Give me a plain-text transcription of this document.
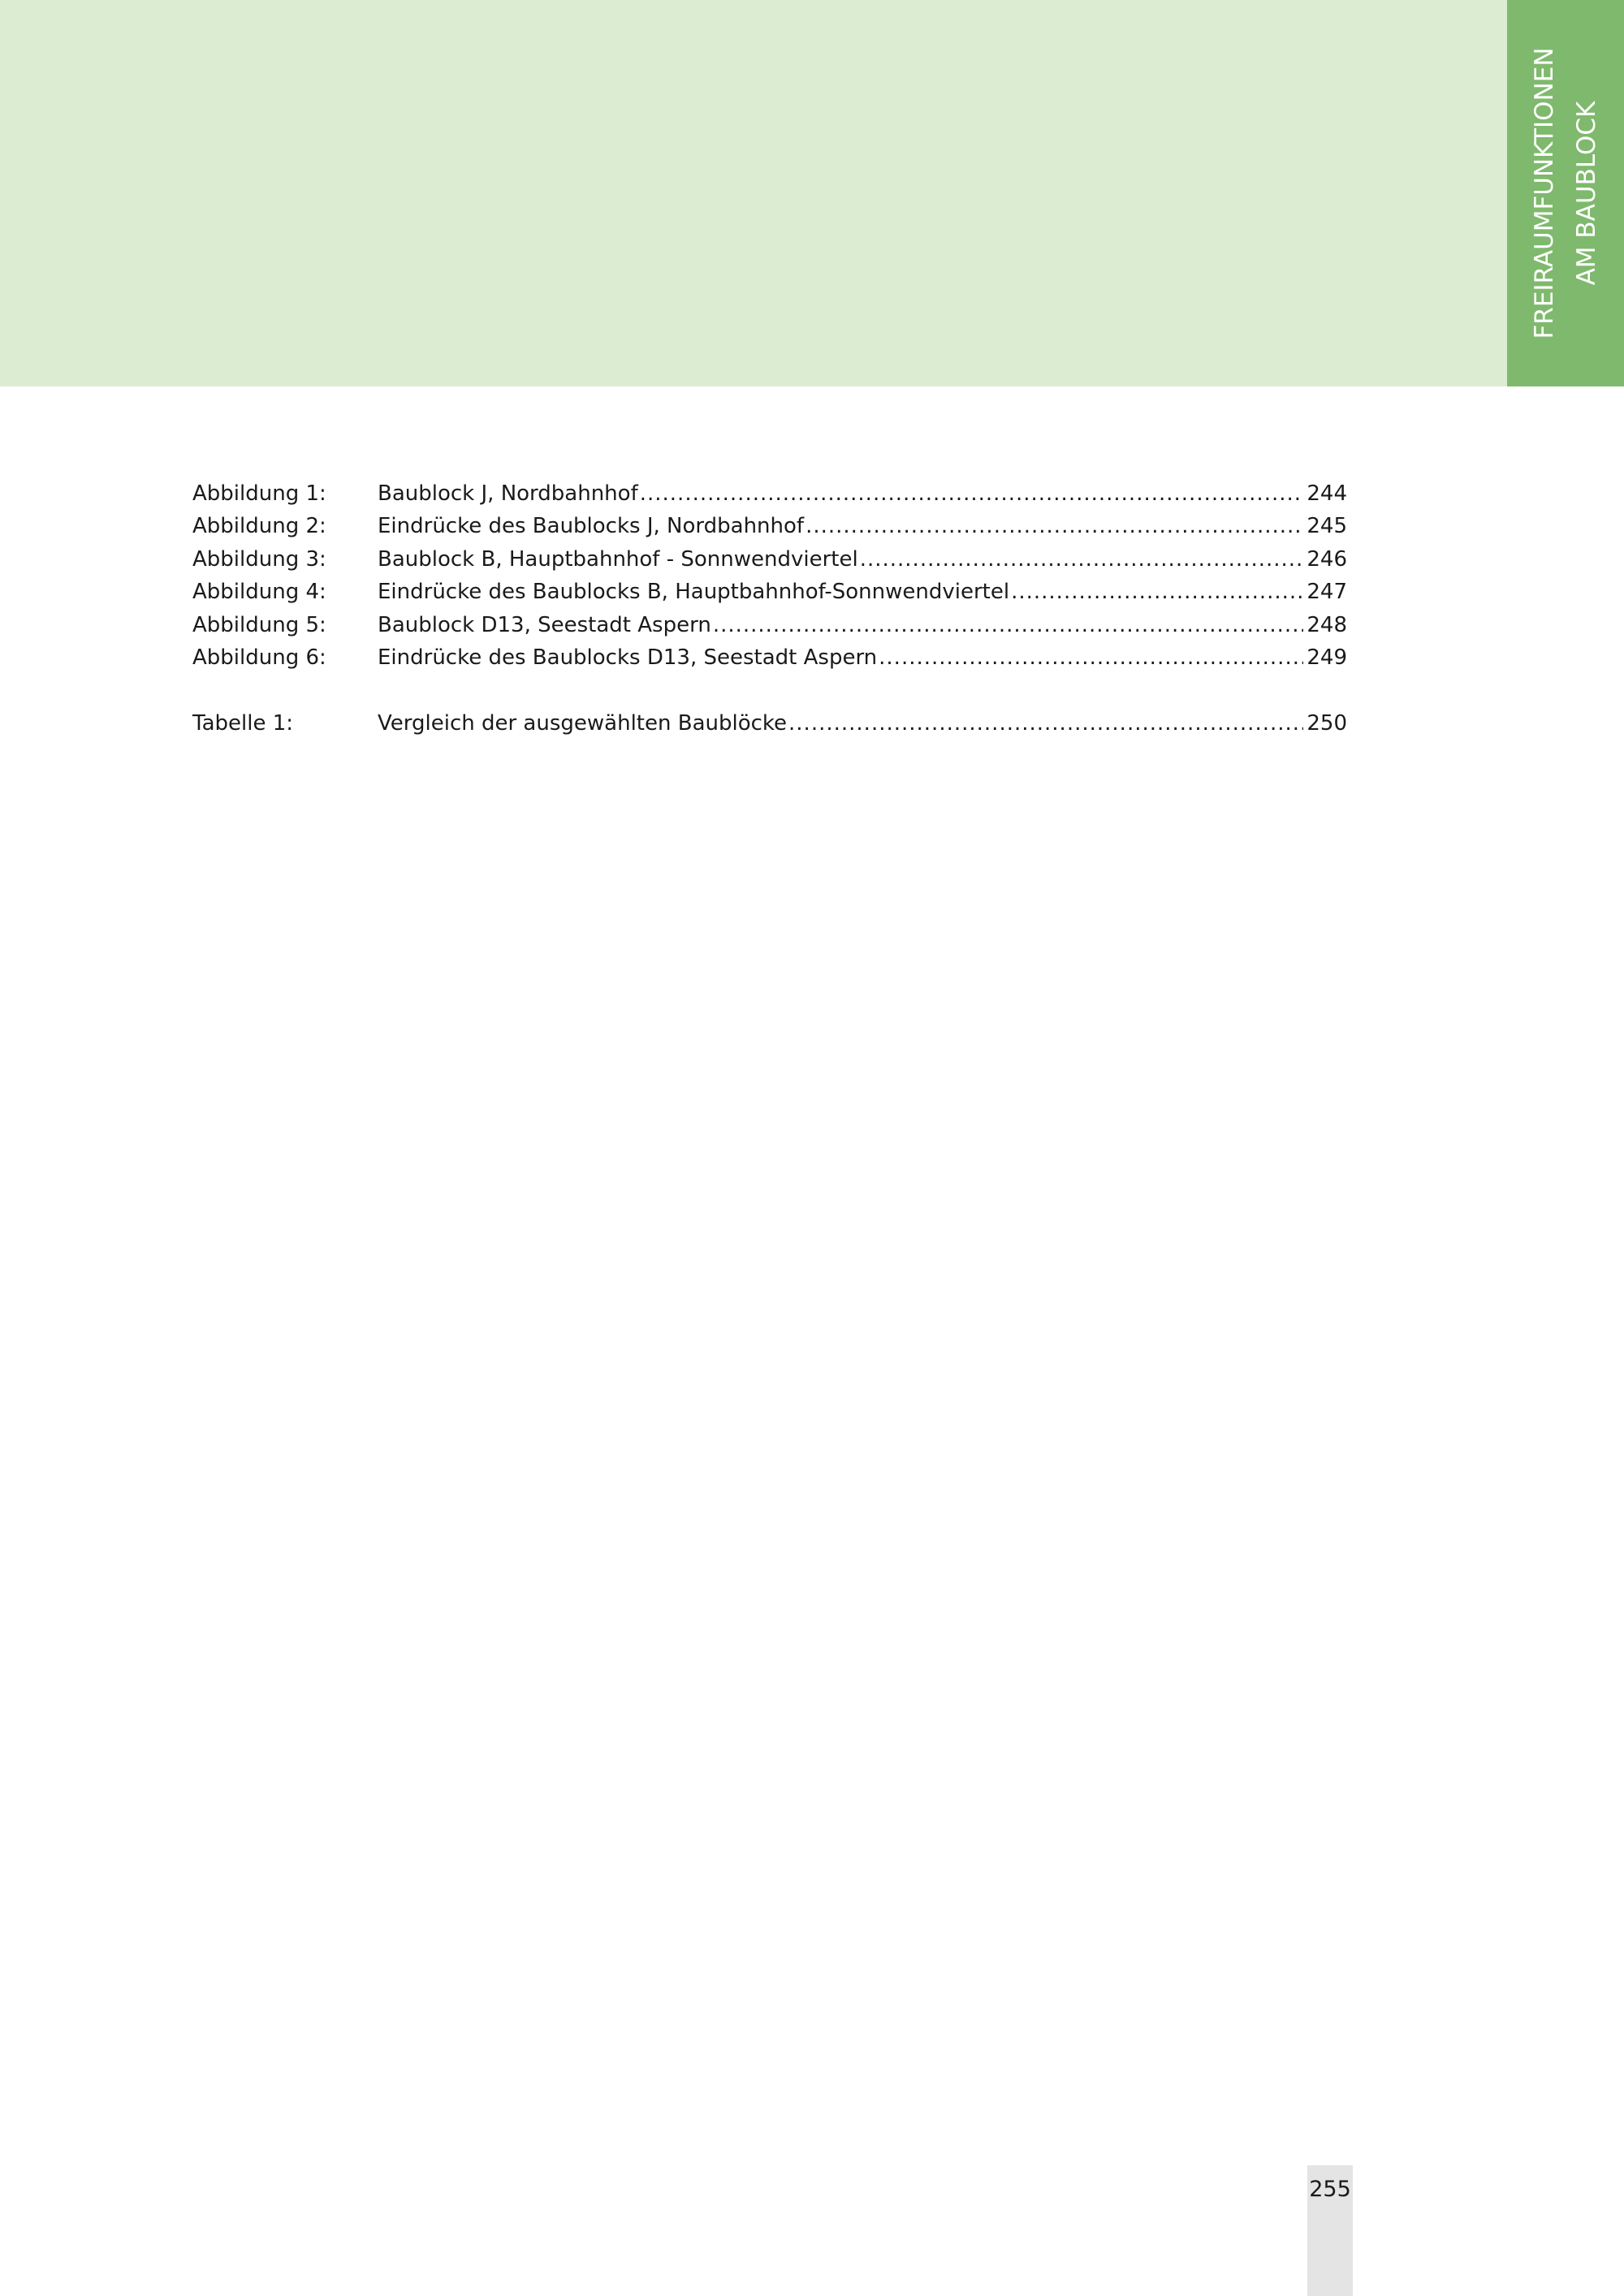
FREIRAUMFUNKTIONEN AM BAUBLOCK
Abbildung 1:	Baublock J, Nordbahnhof .....	244
Abbildung 2:	Eindrücke des Baublocks J, Nordbahnhof .....	245
Abbildung 3:	Baublock B, Hauptbahnhof - Sonnwendviertel .....	246
Abbildung 4:	Eindrücke des Baublocks B, Hauptbahnhof-Sonnwendviertel .....	247
Abbildung 5:	Baublock D13, Seestadt Aspern .....	248
Abbildung 6:	Eindrücke des Baublocks D13, Seestadt Aspern .....	249
Tabelle 1:	Vergleich der ausgewählten Baublöcke .....	250
255
